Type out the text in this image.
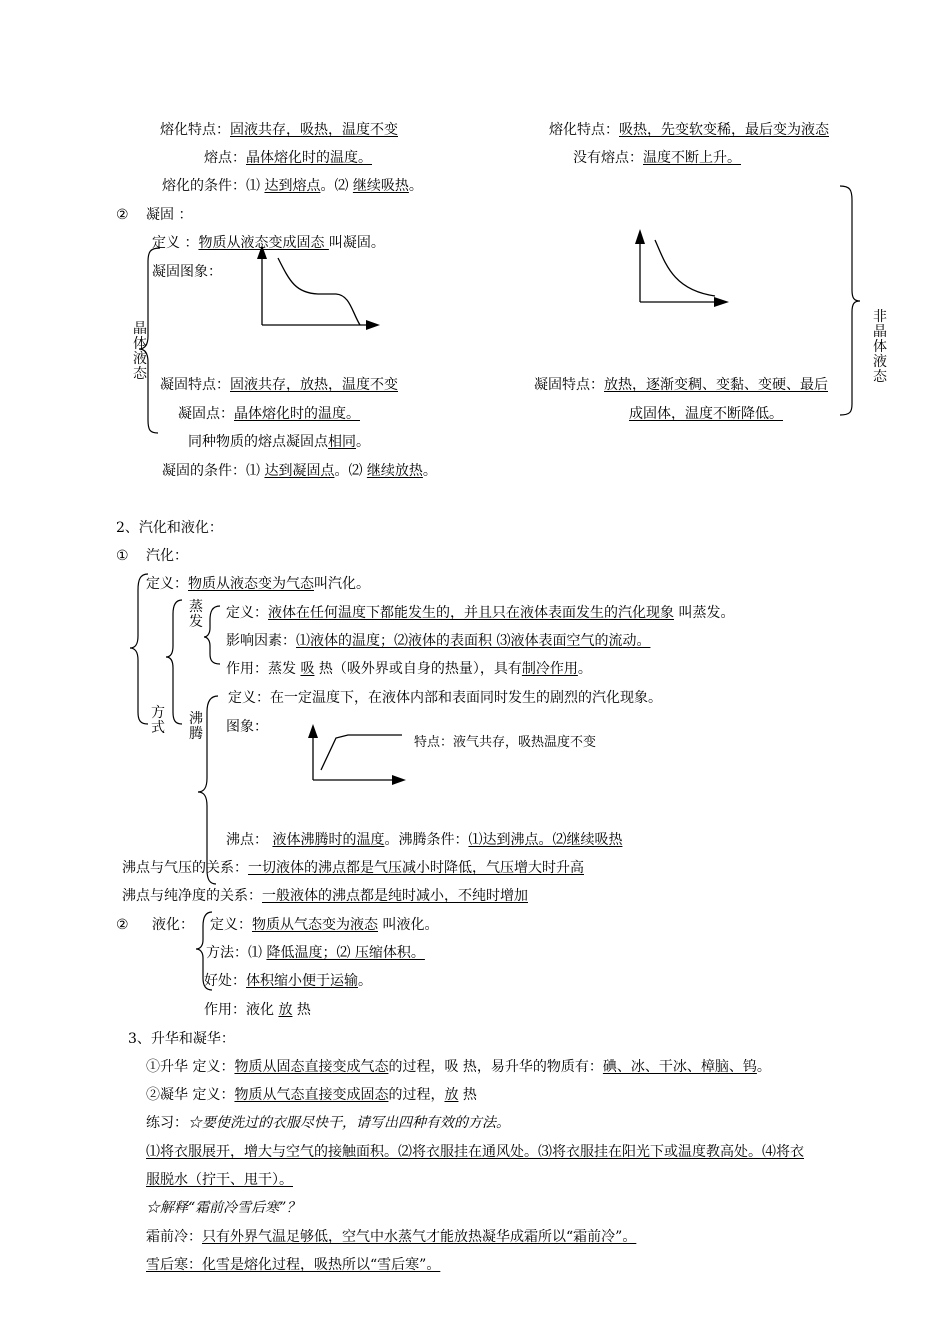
熔化特点：固液共存，吸热，温度不变
熔点：晶体熔化时的温度。
熔化的条件：⑴ 达到熔点。⑵ 继续吸热。
熔化特点：吸热，先变软变稀，最后变为液态
没有熔点：温度不断上升。
② 凝固 ：
定义 ：物质从液态变成固态 叫凝固。
凝固图象：
晶体液态
凝固特点：固液共存，放热，温度不变
凝固点：晶体熔化时的温度。
同种物质的熔点凝固点相同。
凝固的条件：⑴ 达到凝固点。⑵ 继续放热。
非晶体液态
凝固特点：放热，逐渐变稠、变黏、变硬、最后
成固体，温度不断降低。
2、汽化和液化：
① 汽化：
定义：物质从液态变为气态叫汽化。
方式
蒸发
定义：液体在任何温度下都能发生的，并且只在液体表面发生的汽化现象 叫蒸发。
影响因素：⑴液体的温度；⑵液体的表面积 ⑶液体表面空气的流动。
作用：蒸发 吸 热（吸外界或自身的热量），具有制冷作用。
沸腾
定义：在一定温度下，在液体内部和表面同时发生的剧烈的汽化现象。
图象：
特点：液气共存，吸热温度不变
沸点： 液体沸腾时的温度。沸腾条件：⑴达到沸点。⑵继续吸热
沸点与气压的关系：一切液体的沸点都是气压减小时降低，气压增大时升高
沸点与纯净度的关系：一般液体的沸点都是纯时减小，不纯时增加
② 液化： 定义：物质从气态变为液态 叫液化。
方法：⑴ 降低温度；⑵ 压缩体积。
好处：体积缩小便于运输。
作用：液化 放 热
3、升华和凝华：
①升华 定义：物质从固态直接变成气态的过程，吸 热，易升华的物质有：碘、冰、干冰、樟脑、钨。
②凝华 定义：物质从气态直接变成固态的过程，放 热
练习：☆要使洗过的衣服尽快干，请写出四种有效的方法。
⑴将衣服展开，增大与空气的接触面积。⑵将衣服挂在通风处。⑶将衣服挂在阳光下或温度教高处。⑷将衣
服脱水（拧干、甩干）。
☆解释“霜前冷雪后寒”？
霜前冷：只有外界气温足够低，空气中水蒸气才能放热凝华成霜所以“霜前冷”。
雪后寒：化雪是熔化过程，吸热所以“雪后寒”。
